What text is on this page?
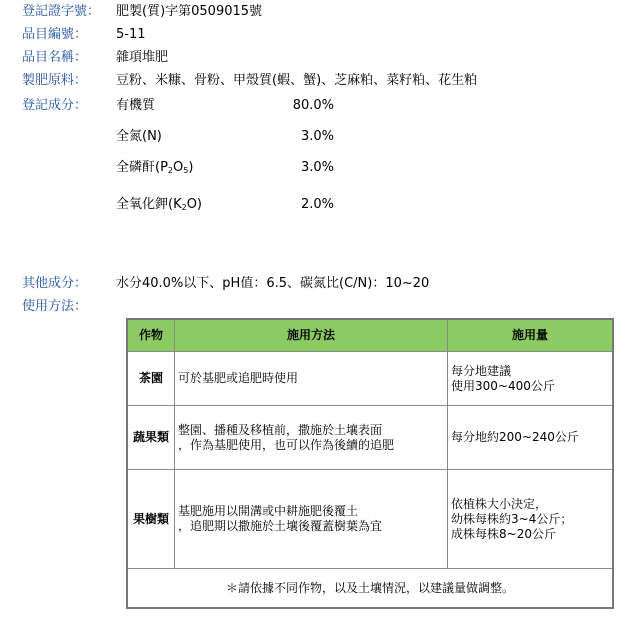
登記證字號： 肥製(質)字第0509015號
品目編號： 5-11
品目名稱： 雜項堆肥
製肥原料： 豆粉、米糠、骨粉、甲殼質(蝦、蟹)、芝麻粕、菜籽粕、花生粕
登記成分： 有機質	80.0%
全氮(N)	3.0%
全磷酐$(P_2O_5)$	3.0%
全氧化鉀$(K_2O)$	2.0%
其他成分： 水分40.0%以下、pH值：6.5、碳氮比(C/N)：10~20
使用方法：
作物	施用方法	施用量
茶園	可於基肥或追肥時使用	每分地建議
使用300~400公斤

蔬果類	整園、播種及移植前，撒施於土壤表面
，作為基肥使用，也可以作為後續的追肥	每分地約200~240公斤

果樹類	基肥施用以開溝或中耕施肥後覆土
，追肥期以撒施於土壤後覆蓋樹葉為宜	依植株大小決定，
幼株每株約3~4公斤；
成株每株8~20公斤

＊請依據不同作物，以及土壤情況，以建議量做調整。		
